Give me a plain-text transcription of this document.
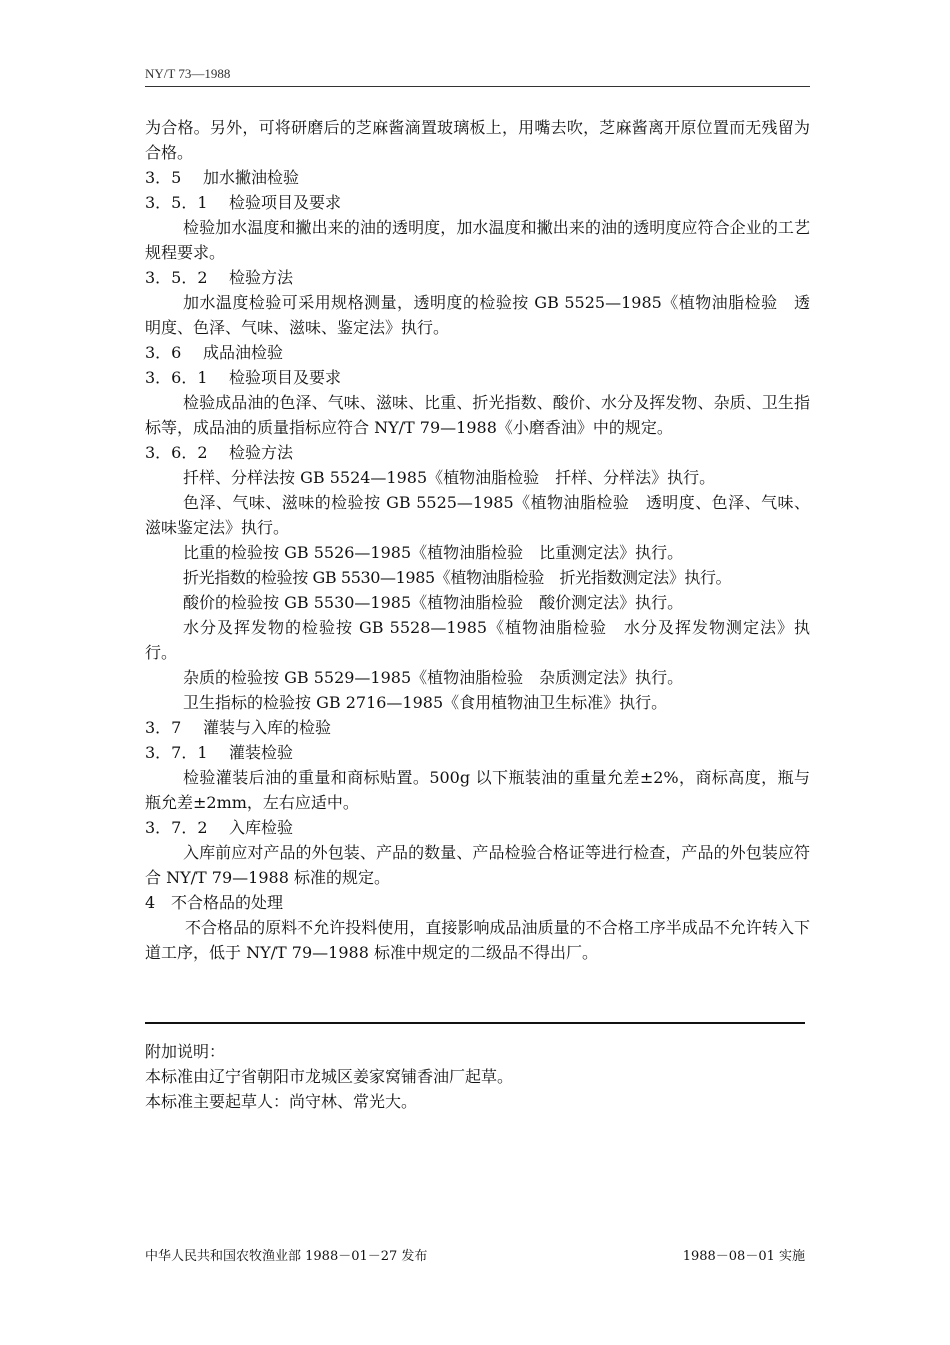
NY/T 73—1988
为合格。另外，可将研磨后的芝麻酱滴置玻璃板上，用嘴去吹，芝麻酱离开原位置而无残留为合格。
3．5 加水撇油检验
3．5．1 检验项目及要求
检验加水温度和撇出来的油的透明度，加水温度和撇出来的油的透明度应符合企业的工艺规程要求。
3．5．2 检验方法
加水温度检验可采用规格测量，透明度的检验按 GB 5525—1985《植物油脂检验　透明度、色泽、气味、滋味、鉴定法》执行。
3．6 成品油检验
3．6．1 检验项目及要求
检验成品油的色泽、气味、滋味、比重、折光指数、酸价、水分及挥发物、杂质、卫生指标等，成品油的质量指标应符合 NY/T 79—1988《小磨香油》中的规定。
3．6．2 检验方法
扦样、分样法按 GB 5524—1985《植物油脂检验　扦样、分样法》执行。
色泽、气味、滋味的检验按 GB 5525—1985《植物油脂检验　透明度、色泽、气味、滋味鉴定法》执行。
比重的检验按 GB 5526—1985《植物油脂检验　比重测定法》执行。
折光指数的检验按 GB 5530—1985《植物油脂检验　折光指数测定法》执行。
酸价的检验按 GB 5530—1985《植物油脂检验　酸价测定法》执行。
水分及挥发物的检验按 GB 5528—1985《植物油脂检验　水分及挥发物测定法》执行。
杂质的检验按 GB 5529—1985《植物油脂检验　杂质测定法》执行。
卫生指标的检验按 GB 2716—1985《食用植物油卫生标准》执行。
3．7 灌装与入库的检验
3．7．1 灌装检验
检验灌装后油的重量和商标贴置。500g 以下瓶装油的重量允差±2%，商标高度，瓶与瓶允差±2mm，左右应适中。
3．7．2 入库检验
入库前应对产品的外包装、产品的数量、产品检验合格证等进行检查，产品的外包装应符合 NY/T 79—1988 标准的规定。
4 不合格品的处理
不合格品的原料不允许投料使用，直接影响成品油质量的不合格工序半成品不允许转入下道工序，低于 NY/T 79—1988 标准中规定的二级品不得出厂。
附加说明：
本标准由辽宁省朝阳市龙城区姜家窝铺香油厂起草。
本标准主要起草人：尚守林、常光大。
中华人民共和国农牧渔业部 1988－01－27 发布	1988－08－01 实施
